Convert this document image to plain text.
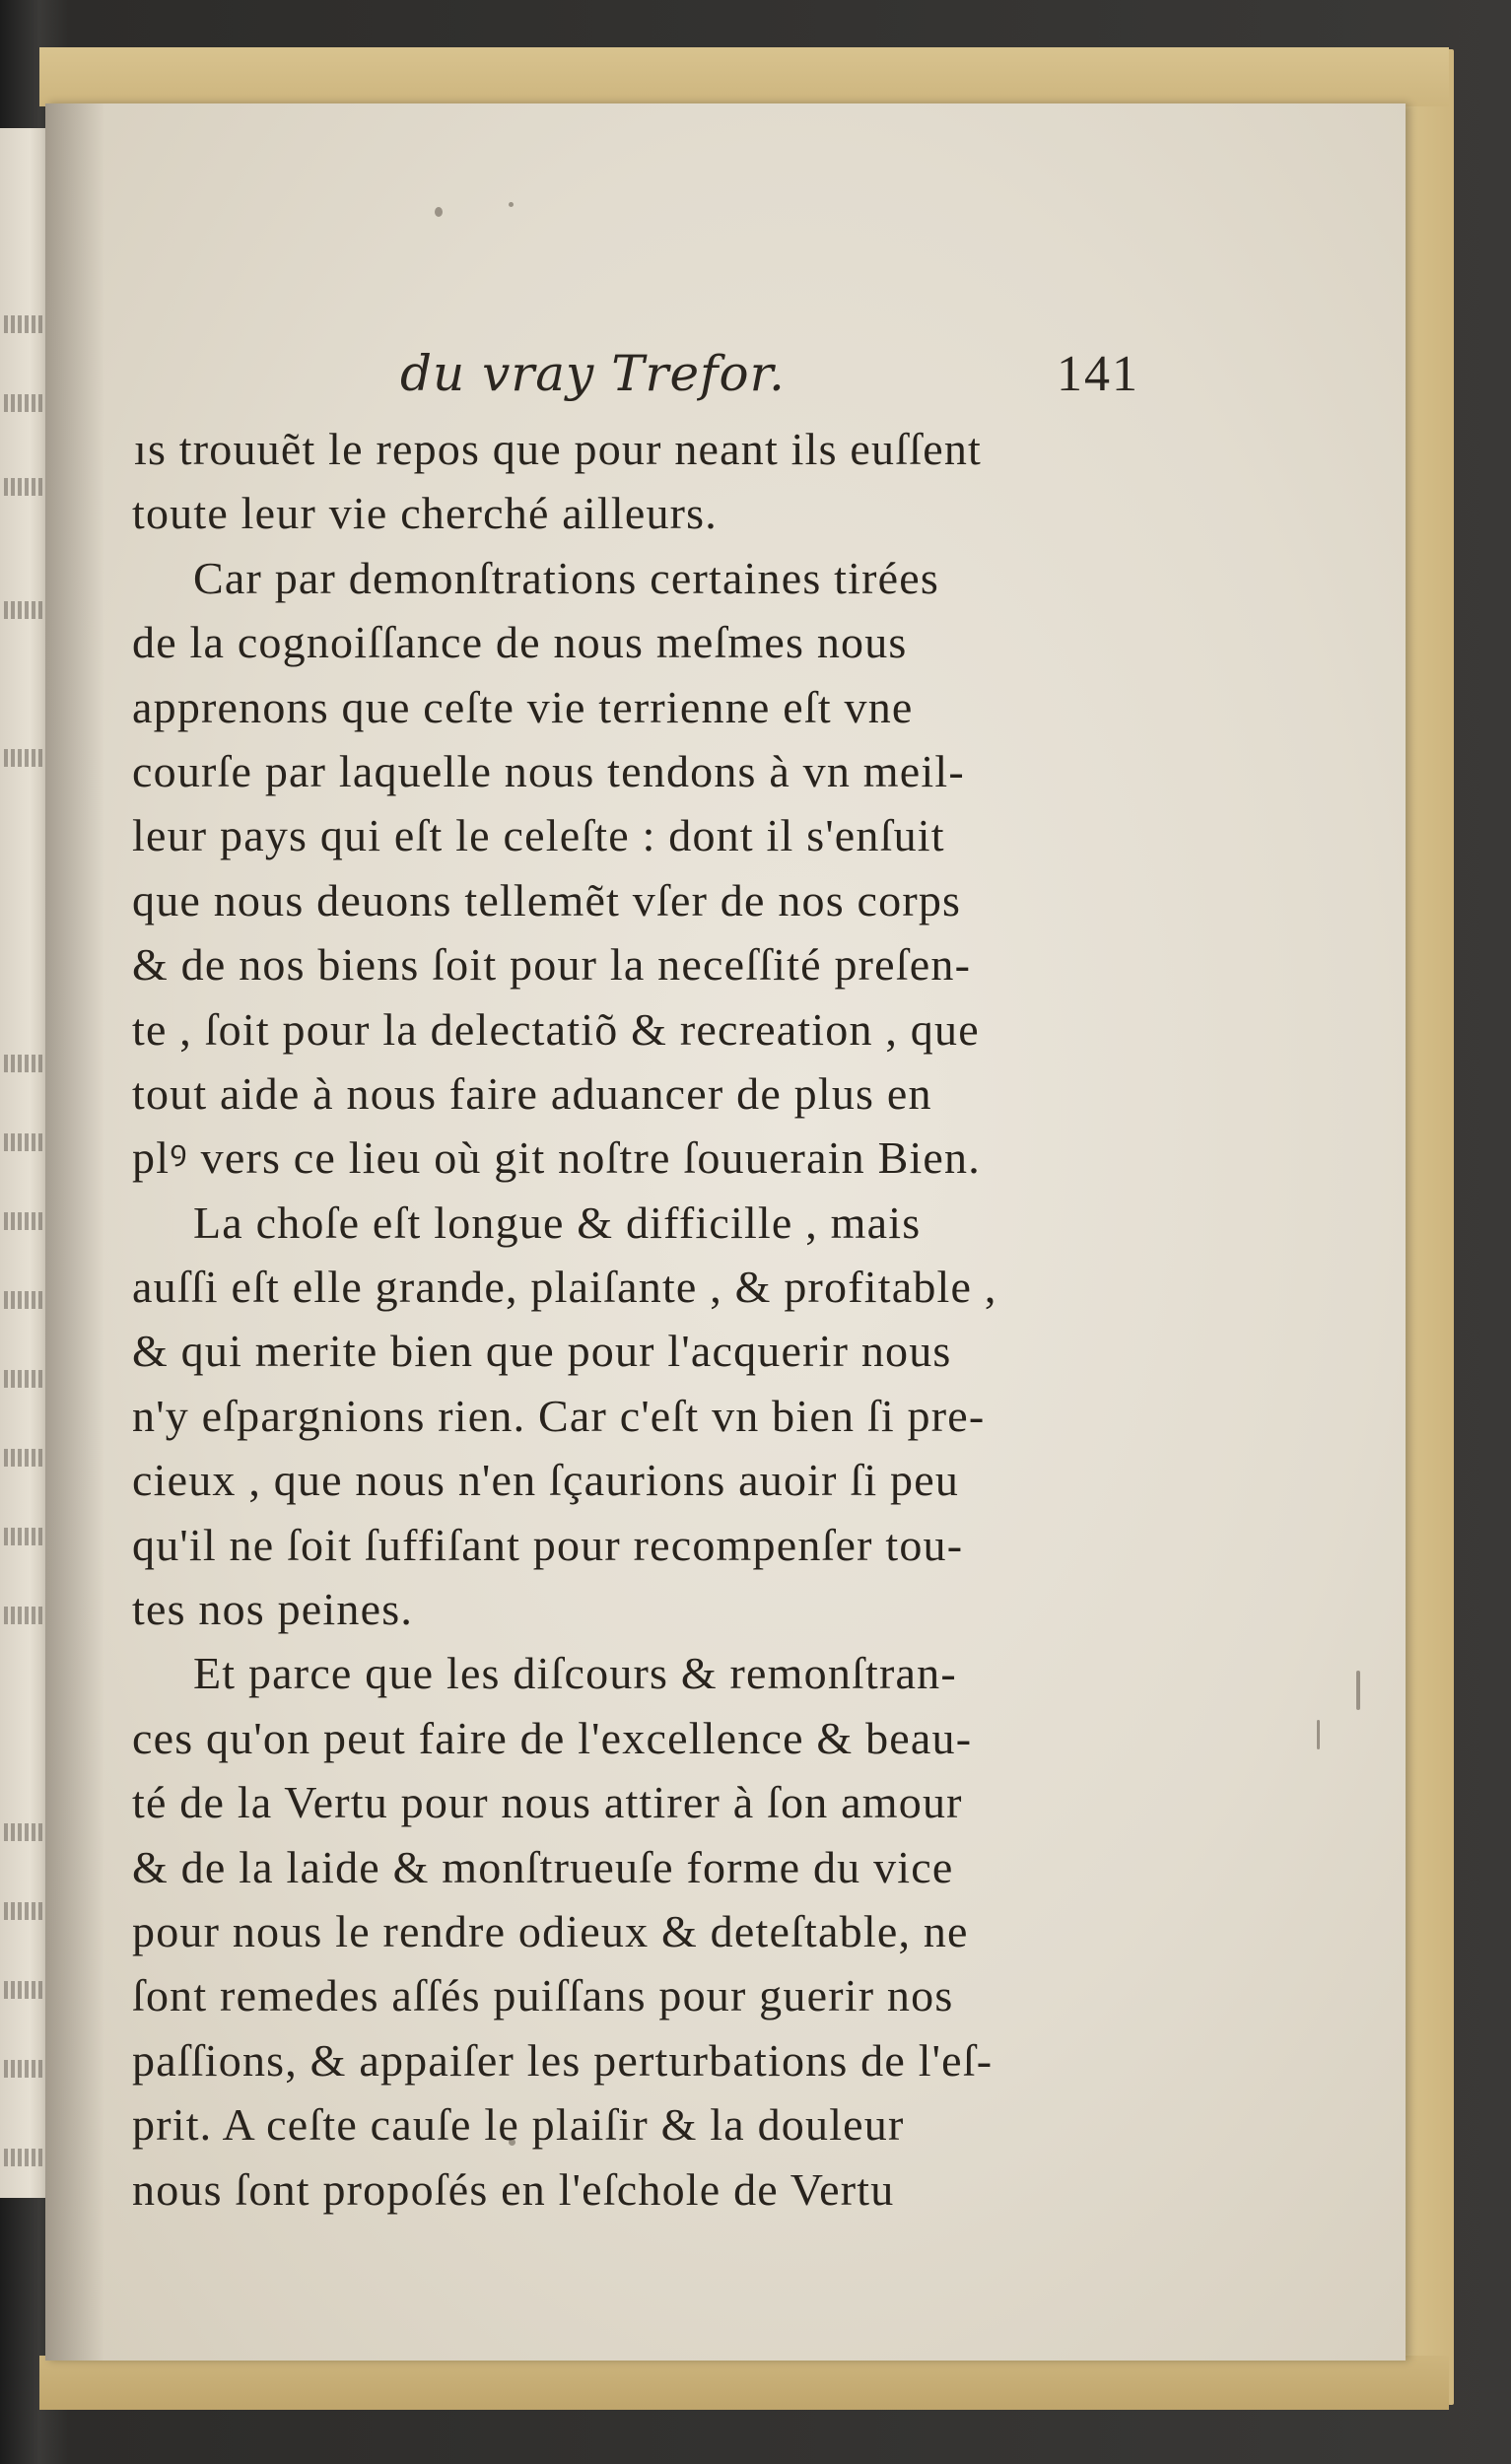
du vray Trefor.	141
ıs trouuẽt le repos que pour neant ils euſſent
toute leur vie cherché ailleurs.
Car par demonſtrations certaines tirées
de la cognoiſſance de nous meſmes nous
apprenons que ceſte vie terrienne eſt vne
courſe par laquelle nous tendons à vn meil-
leur pays qui eſt le celeſte : dont il s'enſuit
que nous deuons tellemẽt vſer de nos corps
& de nos biens ſoit pour la neceſſité preſen-
te , ſoit pour la delectatiõ & recreation , que
tout aide à nous faire aduancer de plus en
plꝰ vers ce lieu où git noſtre ſouuerain Bien.
La choſe eſt longue & difficille , mais
auſſi eſt elle grande, plaiſante , & profitable ,
& qui merite bien que pour l'acquerir nous
n'y eſpargnions rien. Car c'eſt vn bien ſi pre-
cieux , que nous n'en ſçaurions auoir ſi peu
qu'il ne ſoit ſuffiſant pour recompenſer tou-
tes nos peines.
Et parce que les diſcours & remonſtran-
ces qu'on peut faire de l'excellence & beau-
té de la Vertu pour nous attirer à ſon amour
& de la laide & monſtrueuſe forme du vice
pour nous le rendre odieux & deteſtable, ne
ſont remedes aſſés puiſſans pour guerir nos
paſſions, & appaiſer les perturbations de l'eſ-
prit. A ceſte cauſe le plaiſir & la douleur
nous ſont propoſés en l'eſchole de Vertu
